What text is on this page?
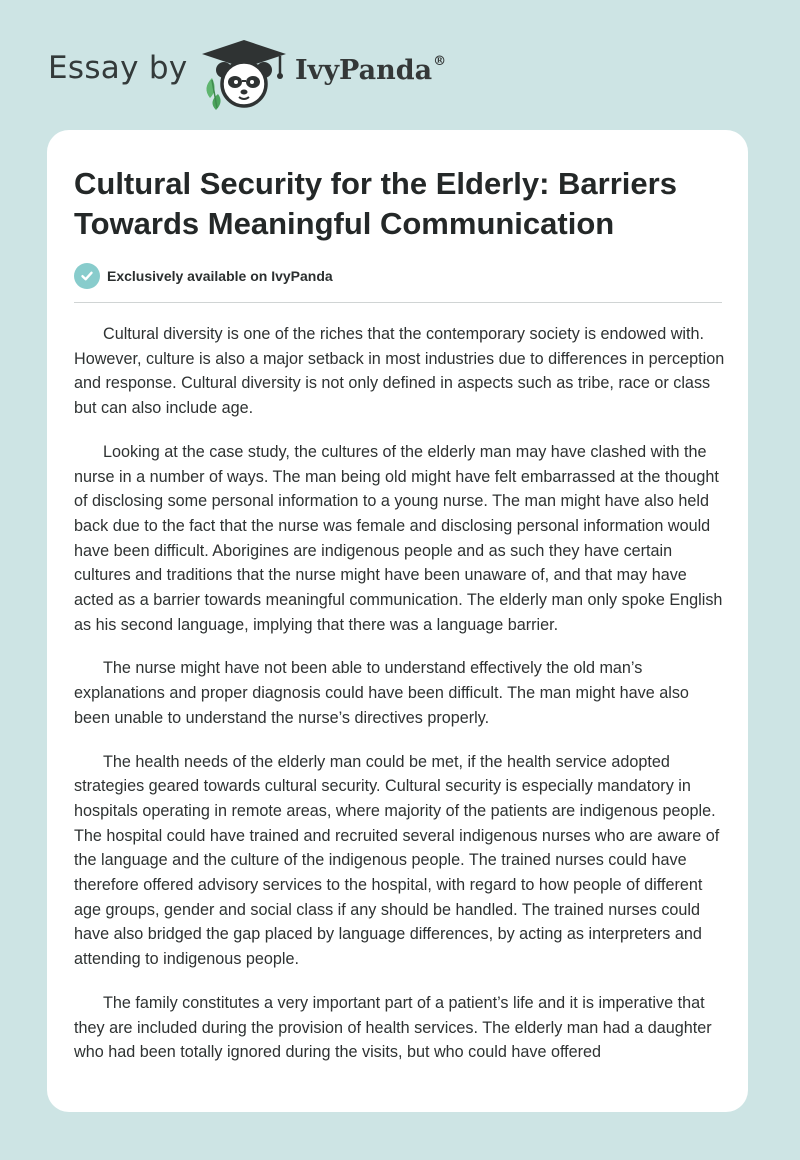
Essay by	IvyPanda®
Cultural Security for the Elderly: Barriers Towards Meaningful Communication
Exclusively available on IvyPanda

Cultural diversity is one of the riches that the contemporary society is endowed with. However, culture is also a major setback in most industries due to differences in perception and response. Cultural diversity is not only defined in aspects such as tribe, race or class but can also include age.

Looking at the case study, the cultures of the elderly man may have clashed with the nurse in a number of ways. The man being old might have felt embarrassed at the thought of disclosing some personal information to a young nurse. The man might have also held back due to the fact that the nurse was female and disclosing personal information would have been difficult. Aborigines are indigenous people and as such they have certain cultures and traditions that the nurse might have been unaware of, and that may have acted as a barrier towards meaningful communication. The elderly man only spoke English as his second language, implying that there was a language barrier.

The nurse might have not been able to understand effectively the old man’s explanations and proper diagnosis could have been difficult. The man might have also been unable to understand the nurse’s directives properly.

The health needs of the elderly man could be met, if the health service adopted strategies geared towards cultural security. Cultural security is especially mandatory in hospitals operating in remote areas, where majority of the patients are indigenous people. The hospital could have trained and recruited several indigenous nurses who are aware of the language and the culture of the indigenous people. The trained nurses could have therefore offered advisory services to the hospital, with regard to how people of different age groups, gender and social class if any should be handled. The trained nurses could have also bridged the gap placed by language differences, by acting as interpreters and attending to indigenous people.

The family constitutes a very important part of a patient’s life and it is imperative that they are included during the provision of health services. The elderly man had a daughter who had been totally ignored during the visits, but who could have offered
